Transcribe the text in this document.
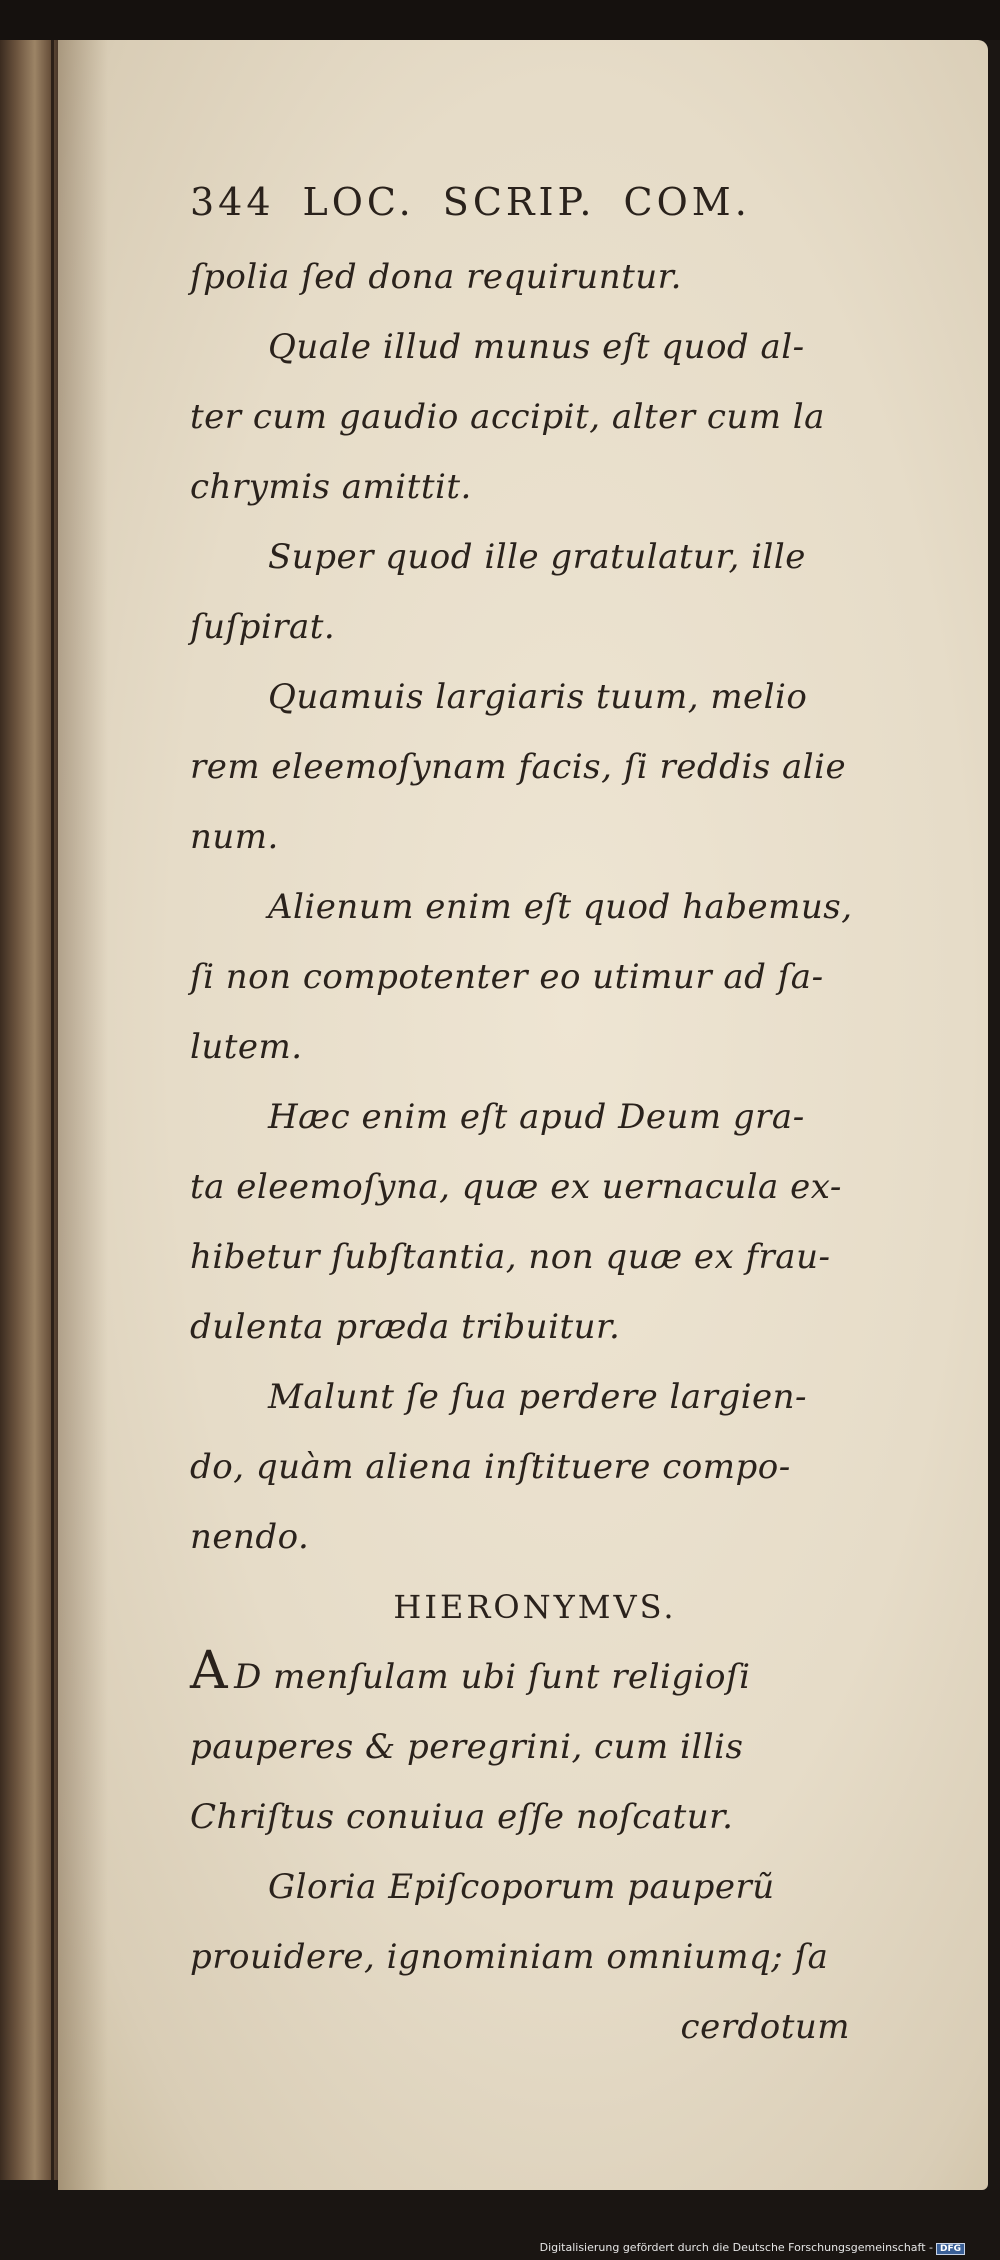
344 LOC. SCRIP. COM.
ſpolia ſed dona requiruntur.
Quale illud munus eſt quod al-
ter cum gaudio accipit, alter cum la
chrymis amittit.
Super quod ille gratulatur, ille
ſuſpirat.
Quamuis largiaris tuum, melio
rem eleemoſynam facis, ſi reddis alie
num.
Alienum enim eſt quod habemus,
ſi non compotenter eo utimur ad ſa-
lutem.
Hæc enim eſt apud Deum gra-
ta eleemoſyna, quæ ex uernacula ex-
hibetur ſubſtantia, non quæ ex frau-
dulenta præda tribuitur.
Malunt ſe ſua perdere largien-
do, quàm aliena inſtituere compo-
nendo.
HIERONYMVS.
A D menſulam ubi ſunt religioſi
pauperes & peregrini, cum illis
Chriſtus conuiua eſſe noſcatur.
Gloria Epiſcoporum pauperũ
prouidere, ignominiam omniumq; ſa
cerdotum
Digitalisierung gefördert durch die Deutsche Forschungsgemeinschaft - DFG
